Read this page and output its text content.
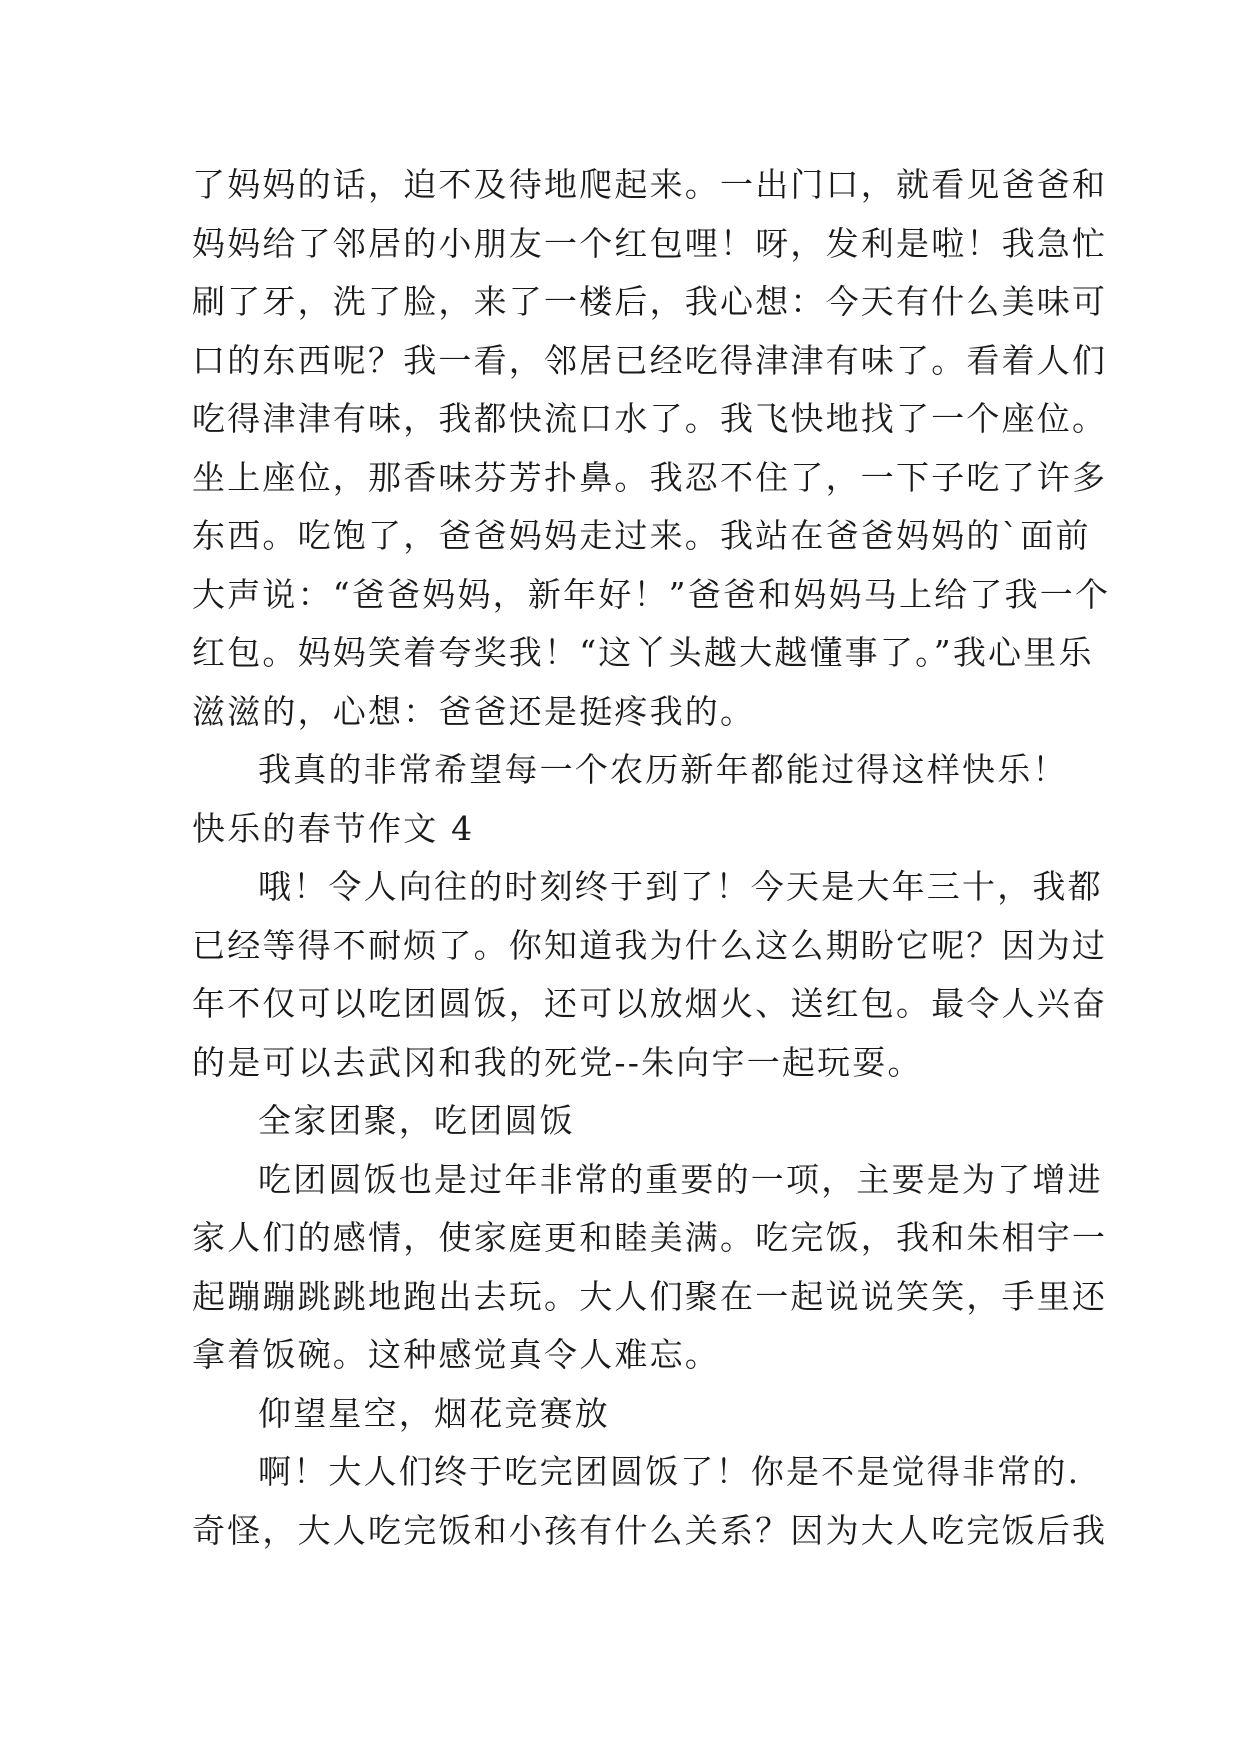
了妈妈的话，迫不及待地爬起来。一出门口，就看见爸爸和
妈妈给了邻居的小朋友一个红包哩！呀，发利是啦！我急忙
刷了牙，洗了脸，来了一楼后，我心想：今天有什么美味可
口的东西呢？我一看，邻居已经吃得津津有味了。看着人们
吃得津津有味，我都快流口水了。我飞快地找了一个座位。
坐上座位，那香味芬芳扑鼻。我忍不住了，一下子吃了许多
东西。吃饱了，爸爸妈妈走过来。我站在爸爸妈妈的`面前
大声说：“爸爸妈妈，新年好！”爸爸和妈妈马上给了我一个
红包。妈妈笑着夸奖我！“这丫头越大越懂事了。”我心里乐
滋滋的，心想：爸爸还是挺疼我的。
我真的非常希望每一个农历新年都能过得这样快乐！
快乐的春节作文 4
哦！令人向往的时刻终于到了！今天是大年三十，我都
已经等得不耐烦了。你知道我为什么这么期盼它呢？因为过
年不仅可以吃团圆饭，还可以放烟火、送红包。最令人兴奋
的是可以去武冈和我的死党--朱向宇一起玩耍。
全家团聚，吃团圆饭
吃团圆饭也是过年非常的重要的一项，主要是为了增进
家人们的感情，使家庭更和睦美满。吃完饭，我和朱相宇一
起蹦蹦跳跳地跑出去玩。大人们聚在一起说说笑笑，手里还
拿着饭碗。这种感觉真令人难忘。
仰望星空，烟花竞赛放
啊！大人们终于吃完团圆饭了！你是不是觉得非常的.
奇怪，大人吃完饭和小孩有什么关系？因为大人吃完饭后我
